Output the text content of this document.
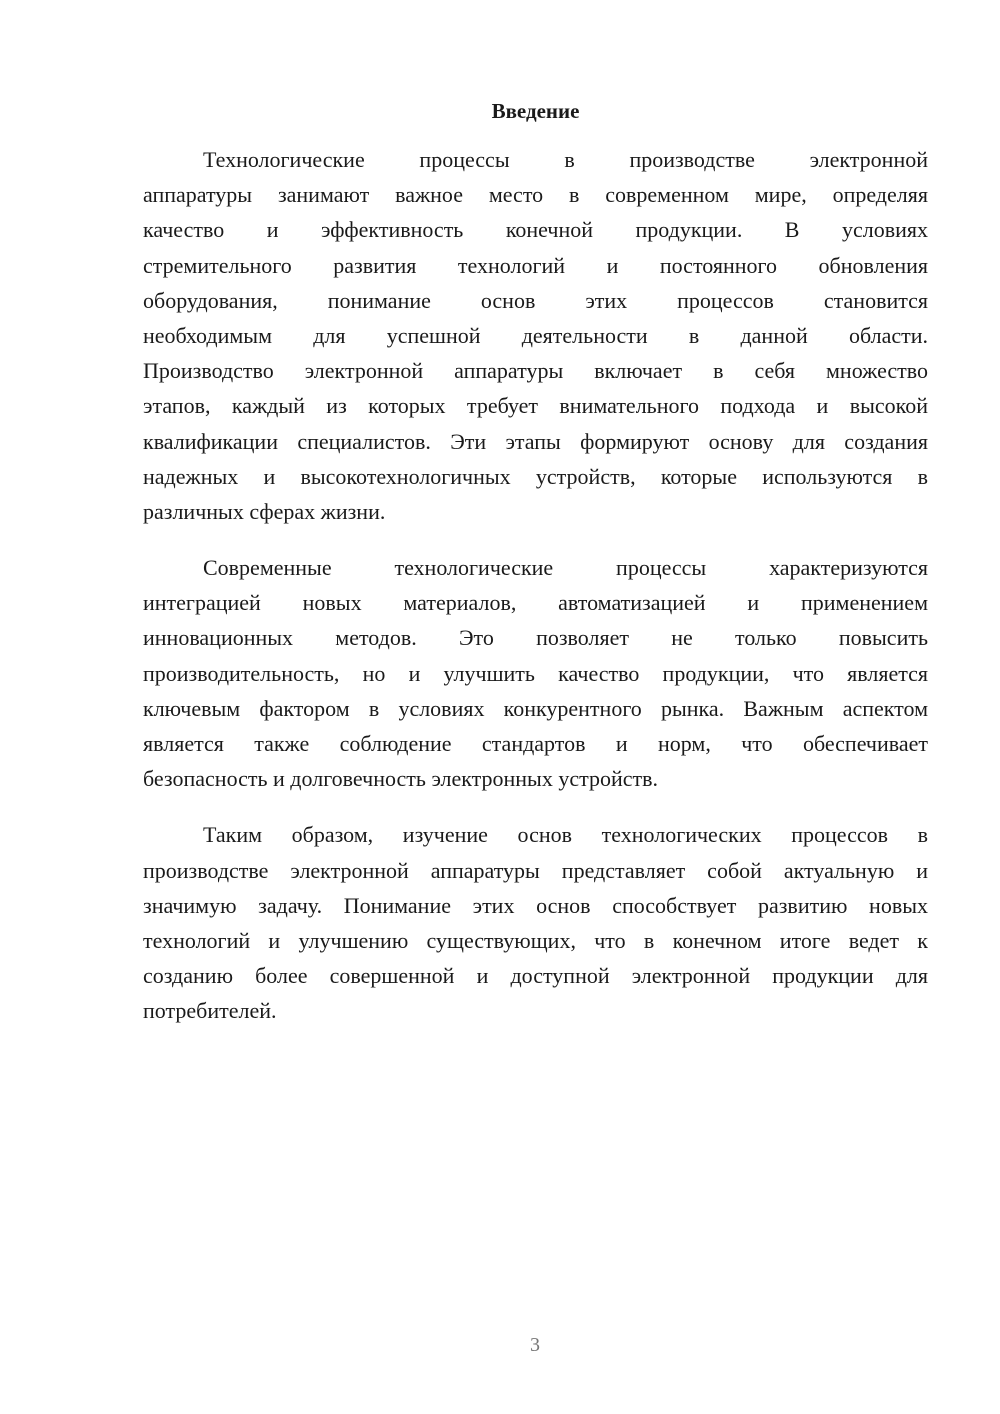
Введение
Технологические процессы в производстве электронной
аппаратуры занимают важное место в современном мире, определяя
качество и эффективность конечной продукции. В условиях
стремительного развития технологий и постоянного обновления
оборудования, понимание основ этих процессов становится
необходимым для успешной деятельности в данной области.
Производство электронной аппаратуры включает в себя множество
этапов, каждый из которых требует внимательного подхода и высокой
квалификации специалистов. Эти этапы формируют основу для создания
надежных и высокотехнологичных устройств, которые используются в
различных сферах жизни.
Современные технологические процессы характеризуются
интеграцией новых материалов, автоматизацией и применением
инновационных методов. Это позволяет не только повысить
производительность, но и улучшить качество продукции, что является
ключевым фактором в условиях конкурентного рынка. Важным аспектом
является также соблюдение стандартов и норм, что обеспечивает
безопасность и долговечность электронных устройств.
Таким образом, изучение основ технологических процессов в
производстве электронной аппаратуры представляет собой актуальную и
значимую задачу. Понимание этих основ способствует развитию новых
технологий и улучшению существующих, что в конечном итоге ведет к
созданию более совершенной и доступной электронной продукции для
потребителей.
3
